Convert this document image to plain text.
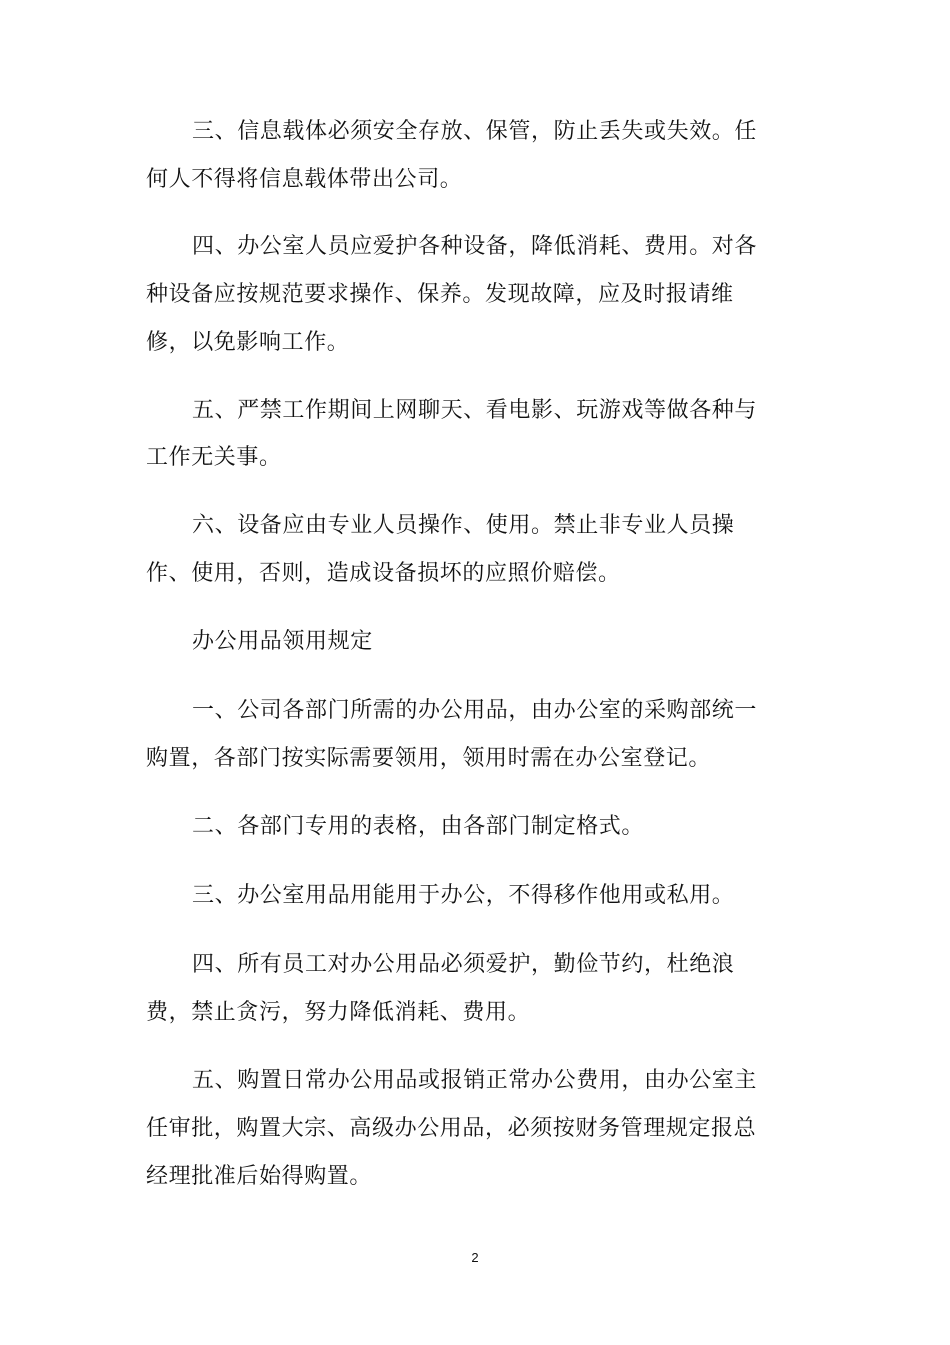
三、信息载体必须安全存放、保管，防止丢失或失效。任
何人不得将信息载体带出公司。
四、办公室人员应爱护各种设备，降低消耗、费用。对各
种设备应按规范要求操作、保养。发现故障，应及时报请维
修，以免影响工作。
五、严禁工作期间上网聊天、看电影、玩游戏等做各种与
工作无关事。
六、设备应由专业人员操作、使用。禁止非专业人员操
作、使用，否则，造成设备损坏的应照价赔偿。
办公用品领用规定
一、公司各部门所需的办公用品，由办公室的采购部统一
购置，各部门按实际需要领用，领用时需在办公室登记。
二、各部门专用的表格，由各部门制定格式。
三、办公室用品用能用于办公，不得移作他用或私用。
四、所有员工对办公用品必须爱护，勤俭节约，杜绝浪
费，禁止贪污，努力降低消耗、费用。
五、购置日常办公用品或报销正常办公费用，由办公室主
任审批，购置大宗、高级办公用品，必须按财务管理规定报总
经理批准后始得购置。
2
